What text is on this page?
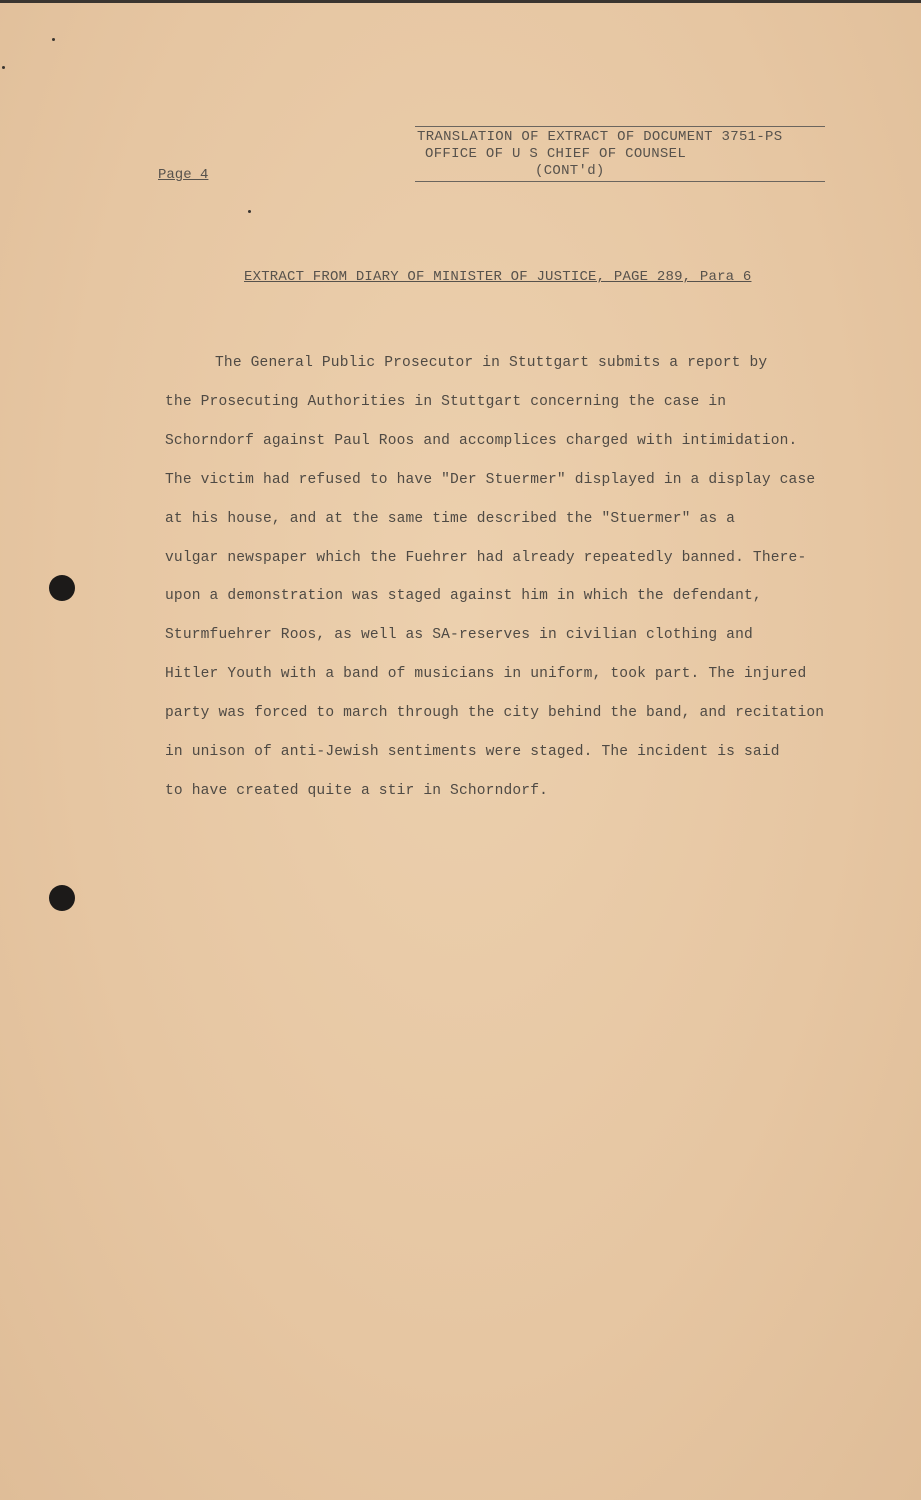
TRANSLATION OF EXTRACT OF DOCUMENT 3751-PS
OFFICE OF U S CHIEF OF COUNSEL
(CONT'd)
Page 4
EXTRACT FROM DIARY OF MINISTER OF JUSTICE, PAGE 289, Para 6
The General Public Prosecutor in Stuttgart submits a report by
the Prosecuting Authorities in Stuttgart concerning the case in
Schorndorf against Paul Roos and accomplices charged with intimidation.
The victim had refused to have "Der Stuermer" displayed in a display case
at his house, and at the same time described the "Stuermer" as a
vulgar newspaper which the Fuehrer had already repeatedly banned. There-
upon a demonstration was staged against him in which the defendant,
Sturmfuehrer Roos, as well as SA-reserves in civilian clothing and
Hitler Youth with a band of musicians in uniform, took part. The injured
party was forced to march through the city behind the band, and recitation
in unison of anti-Jewish sentiments were staged. The incident is said
to have created quite a stir in Schorndorf.
